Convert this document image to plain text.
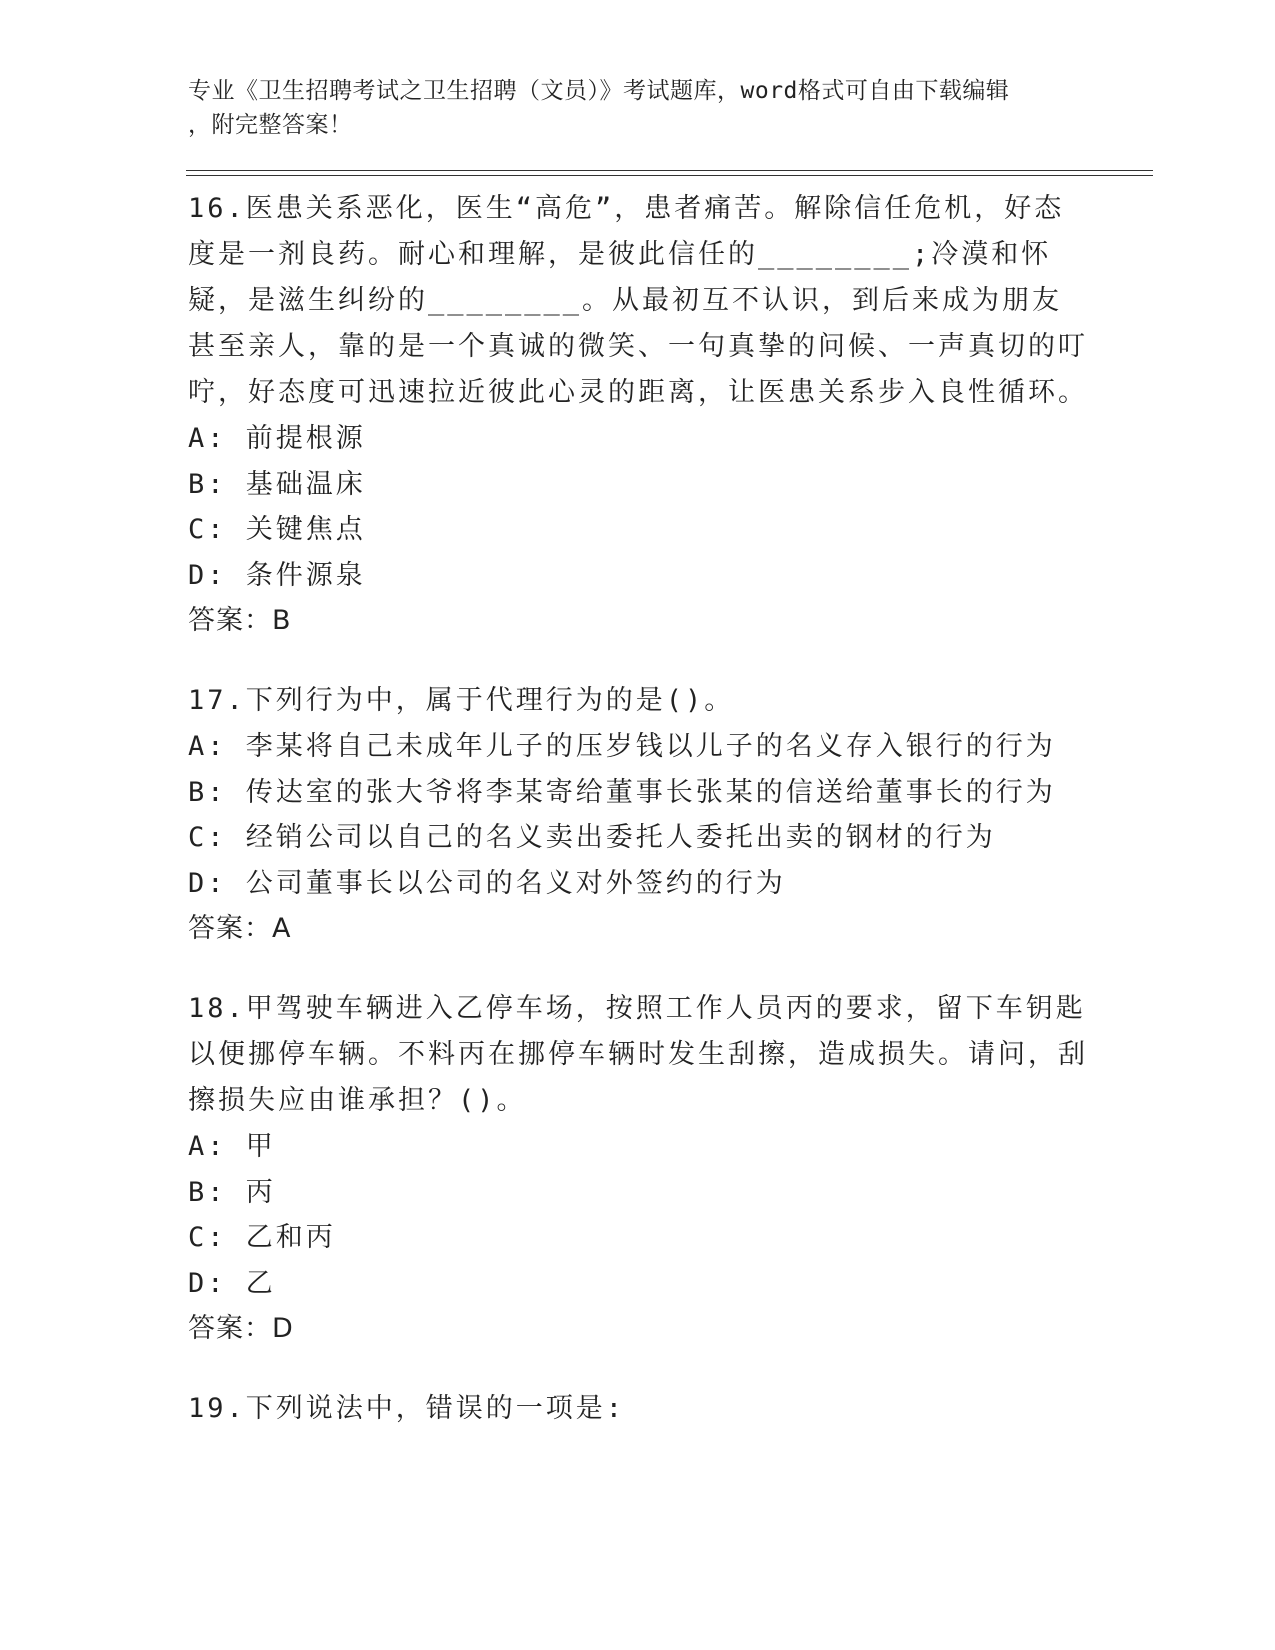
专业《卫生招聘考试之卫生招聘（文员）》考试题库，word格式可自由下载编辑
，附完整答案！

16.医患关系恶化，医生“高危”，患者痛苦。解除信任危机，好态度是一剂良药。耐心和理解，是彼此信任的________;冷漠和怀疑，是滋生纠纷的________。从最初互不认识，到后来成为朋友甚至亲人，靠的是一个真诚的微笑、一句真挚的问候、一声真切的叮咛，好态度可迅速拉近彼此心灵的距离，让医患关系步入良性循环。

A: 前提根源

B: 基础温床

C: 关键焦点

D: 条件源泉

答案：B

17.下列行为中，属于代理行为的是()。

A: 李某将自己未成年儿子的压岁钱以儿子的名义存入银行的行为

B: 传达室的张大爷将李某寄给董事长张某的信送给董事长的行为

C: 经销公司以自己的名义卖出委托人委托出卖的钢材的行为

D: 公司董事长以公司的名义对外签约的行为

答案：A

18.甲驾驶车辆进入乙停车场，按照工作人员丙的要求，留下车钥匙以便挪停车辆。不料丙在挪停车辆时发生刮擦，造成损失。请问，刮擦损失应由谁承担？()。

A: 甲

B: 丙

C: 乙和丙

D: 乙

答案：D

19.下列说法中，错误的一项是:
